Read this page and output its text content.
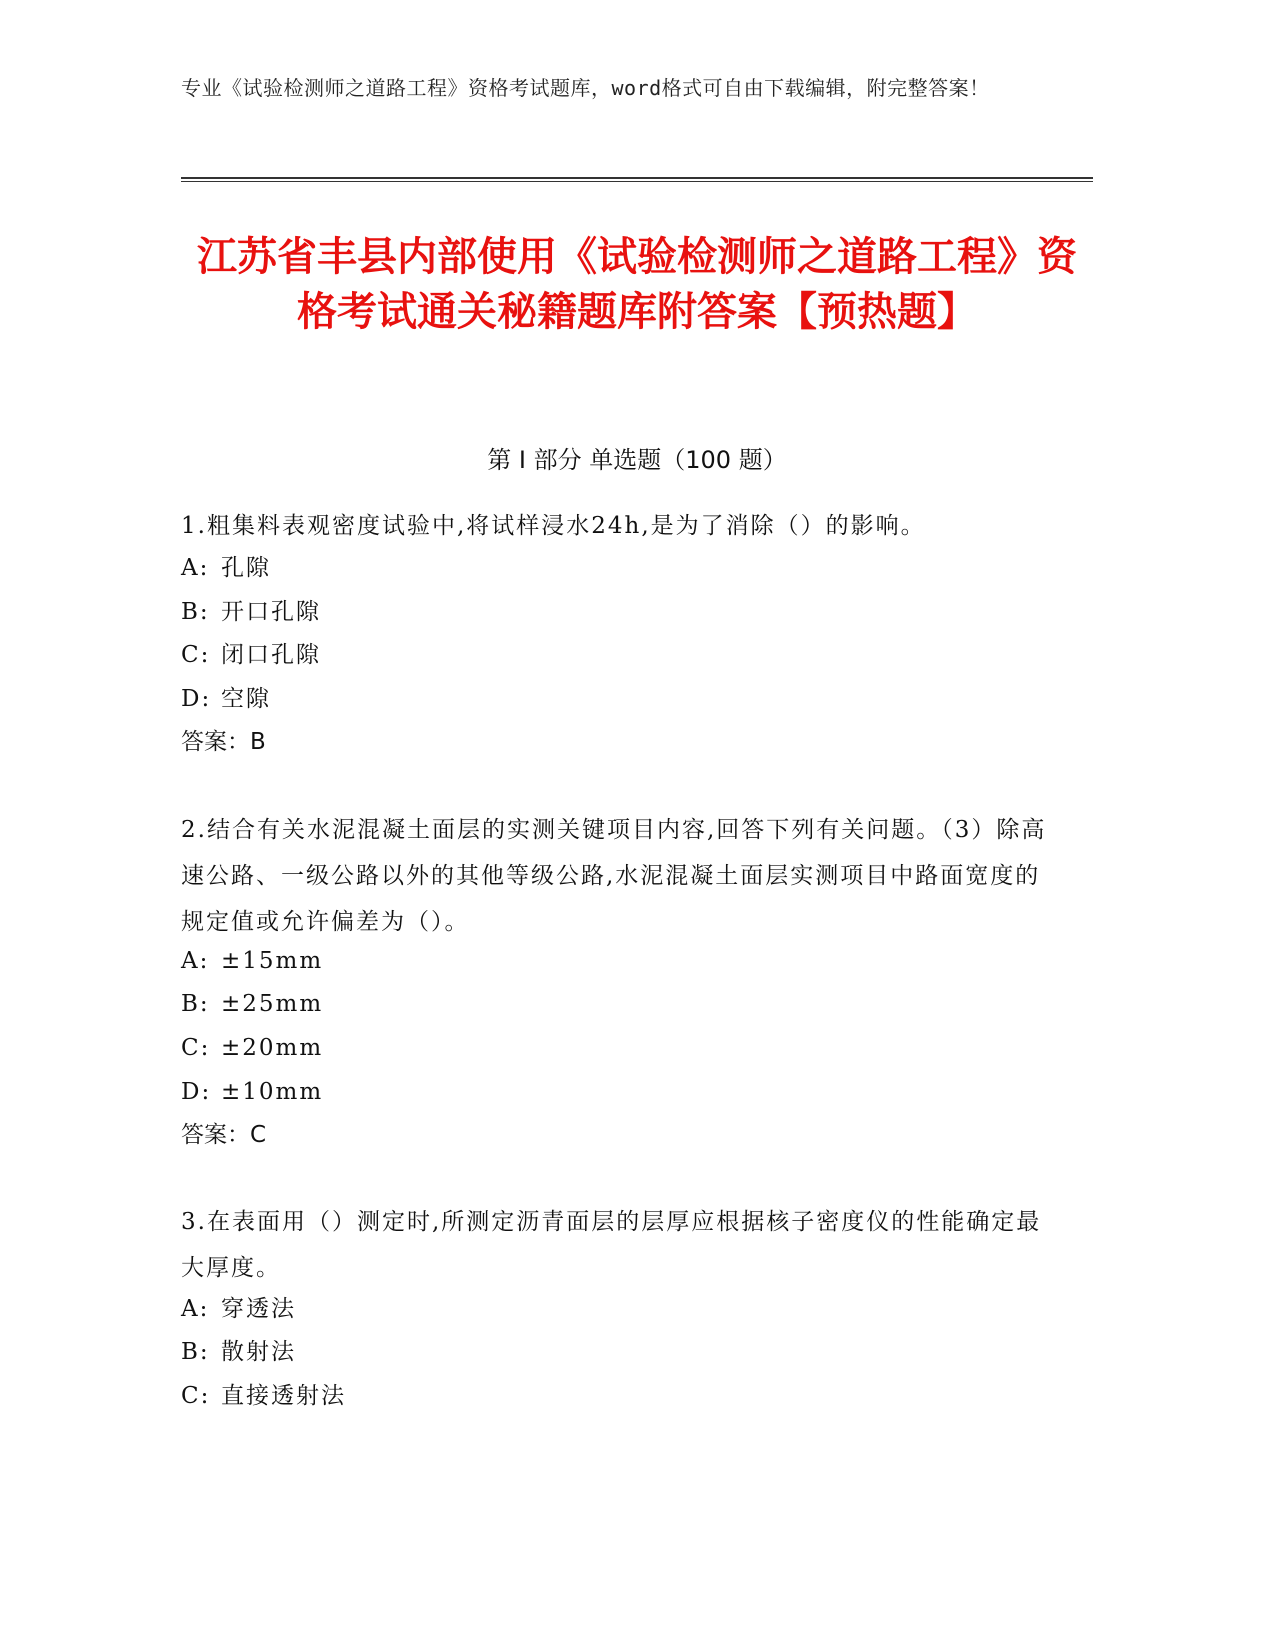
专业《试验检测师之道路工程》资格考试题库，word格式可自由下载编辑，附完整答案！
江苏省丰县内部使用《试验检测师之道路工程》资格考试通关秘籍题库附答案【预热题】
第 I 部分 单选题（100 题）
1.粗集料表观密度试验中,将试样浸水24h,是为了消除（）的影响。
A: 孔隙
B: 开口孔隙
C: 闭口孔隙
D: 空隙
答案：B
2.结合有关水泥混凝土面层的实测关键项目内容,回答下列有关问题。（3）除高速公路、一级公路以外的其他等级公路,水泥混凝土面层实测项目中路面宽度的规定值或允许偏差为（）。
A: ±15mm
B: ±25mm
C: ±20mm
D: ±10mm
答案：C
3.在表面用（）测定时,所测定沥青面层的层厚应根据核子密度仪的性能确定最大厚度。
A: 穿透法
B: 散射法
C: 直接透射法
